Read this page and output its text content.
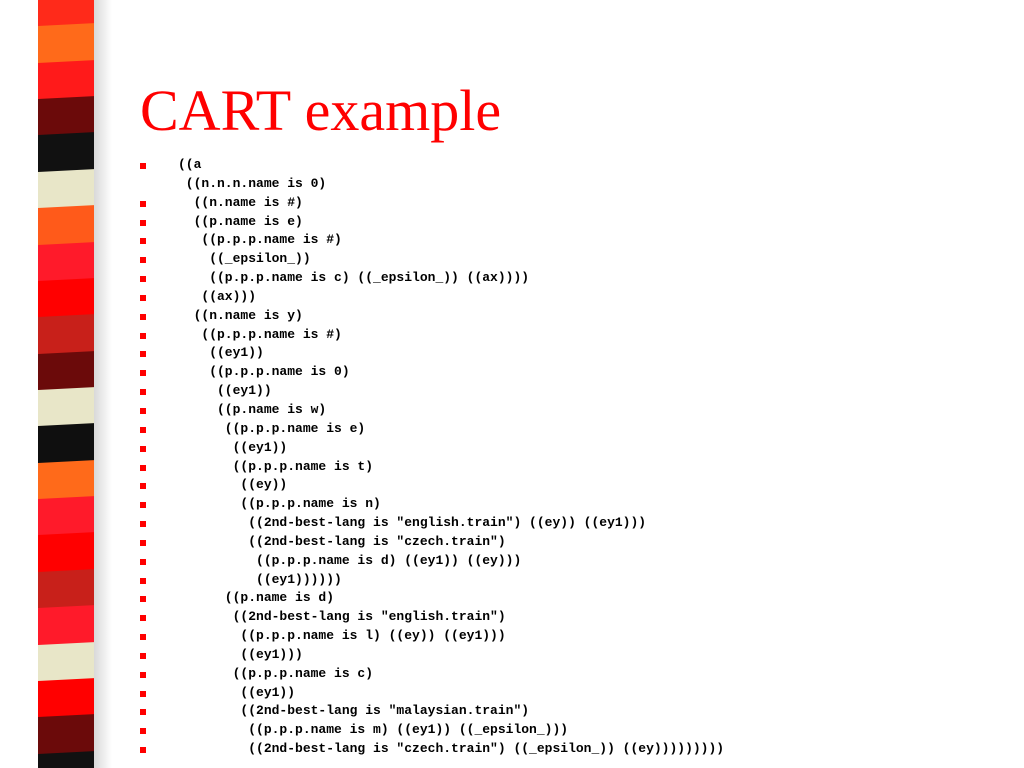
CART example
((a
((n.n.n.name is 0)
((n.name is #)
((p.name is e)
((p.p.p.name is #)
((_epsilon_))
((p.p.p.name is c) ((_epsilon_)) ((ax))))
((ax)))
((n.name is y)
((p.p.p.name is #)
((ey1))
((p.p.p.name is 0)
((ey1))
((p.name is w)
((p.p.p.name is e)
((ey1))
((p.p.p.name is t)
((ey))
((p.p.p.name is n)
((2nd-best-lang is "english.train") ((ey)) ((ey1)))
((2nd-best-lang is "czech.train")
((p.p.p.name is d) ((ey1)) ((ey)))
((ey1))))))
((p.name is d)
((2nd-best-lang is "english.train")
((p.p.p.name is l) ((ey)) ((ey1)))
((ey1)))
((p.p.p.name is c)
((ey1))
((2nd-best-lang is "malaysian.train")
((p.p.p.name is m) ((ey1)) ((_epsilon_)))
((2nd-best-lang is "czech.train") ((_epsilon_)) ((ey)))))))))
